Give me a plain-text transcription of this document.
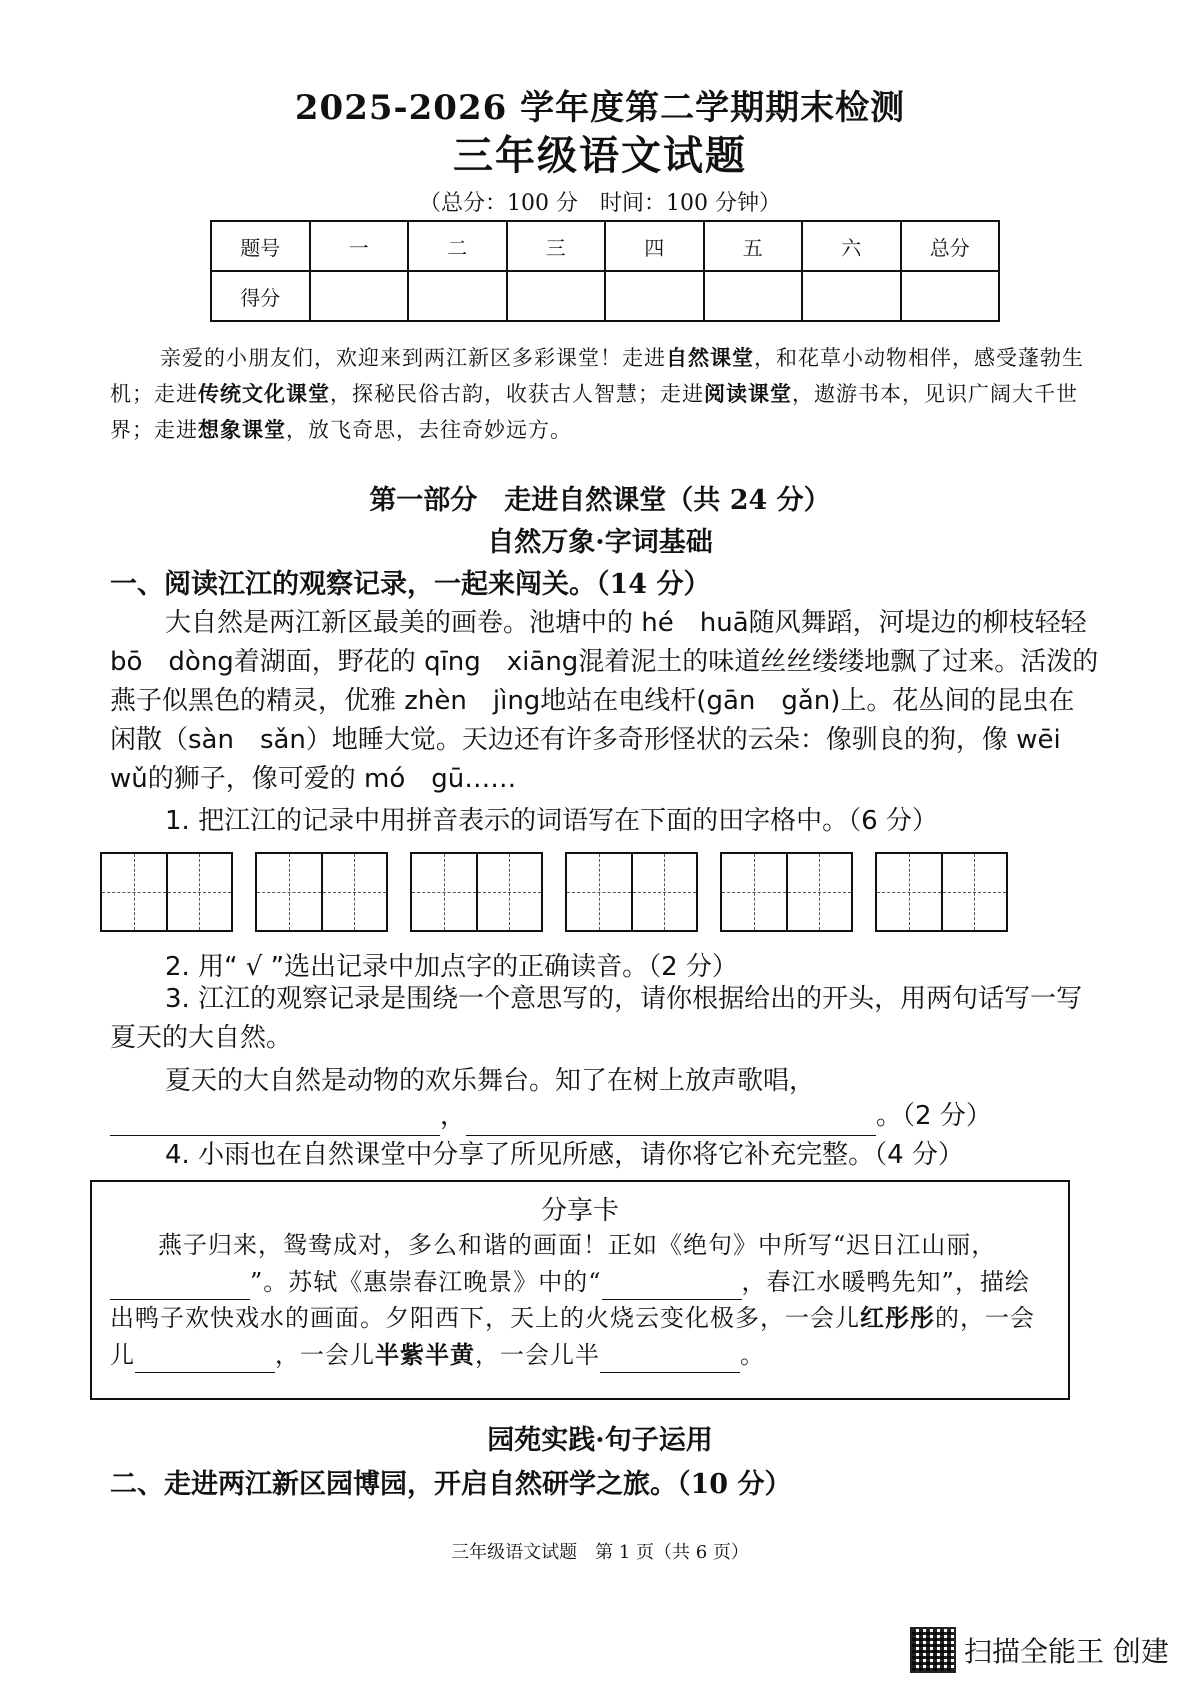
2025-2026 学年度第二学期期末检测
三年级语文试题
（总分：100 分　时间：100 分钟）
题号	一	二	三	四	五	六	总分
得分							
亲爱的小朋友们，欢迎来到两江新区多彩课堂！走进自然课堂，和花草小动物相伴，感受蓬勃生机；走进传统文化课堂，探秘民俗古韵，收获古人智慧；走进阅读课堂，遨游书本，见识广阔大千世界；走进想象课堂，放飞奇思，去往奇妙远方。
第一部分　走进自然课堂（共 24 分）
自然万象·字词基础
一、阅读江江的观察记录，一起来闯关。（14 分）
大自然是两江新区最美的画卷。池塘中的 hé　huā随风舞蹈，河堤边的柳枝轻轻 bō　dòng着湖面，野花的 qīng　xiāng混着泥土的味道丝丝缕缕地飘了过来。活泼的燕子似黑色的精灵，优雅 zhèn　jìng地站在电线杆(gān　gǎn)上。花丛间的昆虫在闲散（sàn　sǎn）地睡大觉。天边还有许多奇形怪状的云朵：像驯良的狗，像 wēi　wǔ的狮子，像可爱的 mó　gū……
1. 把江江的记录中用拼音表示的词语写在下面的田字格中。（6 分）
2. 用“ √ ”选出记录中加点字的正确读音。（2 分）
3. 江江的观察记录是围绕一个意思写的，请你根据给出的开头，用两句话写一写夏天的大自然。
夏天的大自然是动物的欢乐舞台。知了在树上放声歌唱，
，	。（2 分）
4. 小雨也在自然课堂中分享了所见所感，请你将它补充完整。（4 分）
分享卡
燕子归来，鸳鸯成对，多么和谐的画面！正如《绝句》中所写“迟日江山丽， ”。苏轼《惠崇春江晚景》中的“	，春江水暖鸭先知”，描绘出鸭子欢快戏水的画面。夕阳西下，天上的火烧云变化极多，一会儿红彤彤的，一会儿	，一会儿半紫半黄，一会儿半	。
园苑实践·句子运用
二、走进两江新区园博园，开启自然研学之旅。（10 分）
三年级语文试题　第 1 页（共 6 页）
扫描全能王 创建
